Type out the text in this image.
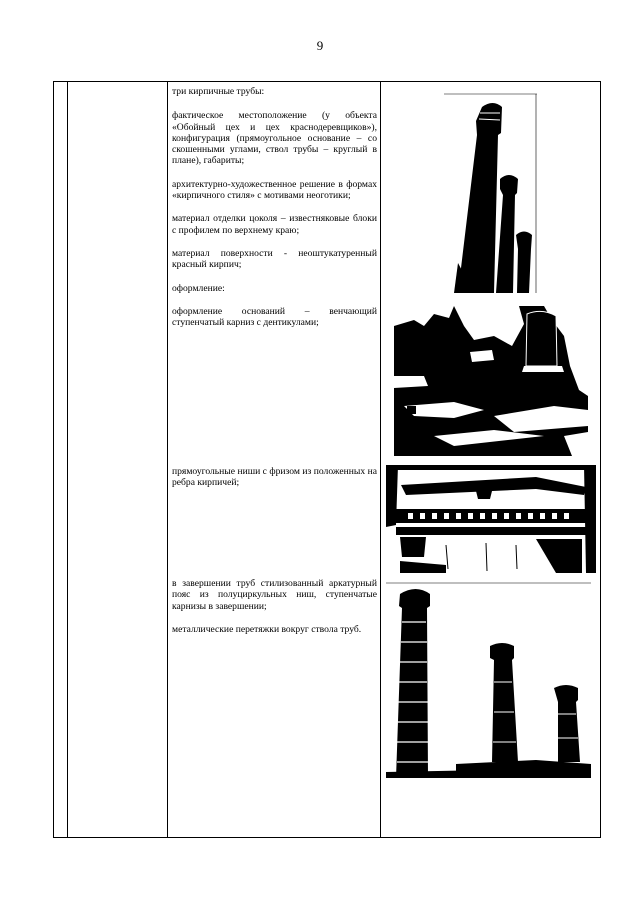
9

три кирпичные трубы:

фактическое местоположение (у объекта «Обойный цех и цех краснодеревщиков»), конфигурация (прямоугольное основание – со скошенными углами, ствол трубы – круглый в плане), габариты;

архитектурно-художественное решение в формах «кирпичного стиля» с мотивами неоготики;

материал отделки цоколя – известняковые блоки с профилем по верхнему краю;

материал поверхности - неоштукатуренный красный кирпич;

оформление:

оформление оснований – венчающий ступенчатый карниз с дентикулами;

прямоугольные ниши с фризом из положенных на ребра кирпичей;

в завершении труб стилизованный аркатурный пояс из полуциркульных ниш, ступенчатые карнизы в завершении;

металлические перетяжки вокруг ствола труб.
